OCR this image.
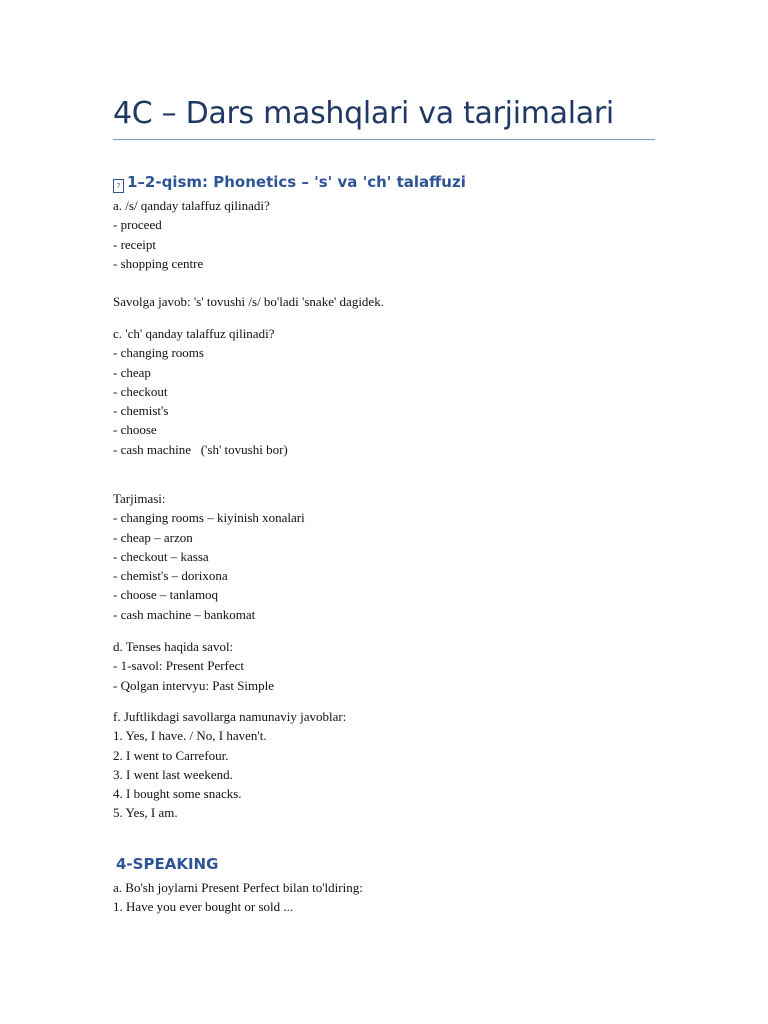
4C – Dars mashqlari va tarjimalari

? 1–2-qism: Phonetics – 's' va 'ch' talaffuzi

a. /s/ qanday talaffuz qilinadi?

- proceed

- receipt

- shopping centre

Savolga javob: 's' tovushi /s/ bo'ladi 'snake' dagidek.

c. 'ch' qanday talaffuz qilinadi?

- changing rooms

- cheap

- checkout

- chemist's

- choose

- cash machine   ('sh' tovushi bor)

Tarjimasi:

- changing rooms – kiyinish xonalari

- cheap – arzon

- checkout – kassa

- chemist's – dorixona

- choose – tanlamoq

- cash machine – bankomat

d. Tenses haqida savol:

- 1-savol: Present Perfect

- Qolgan intervyu: Past Simple

f. Juftlikdagi savollarga namunaviy javoblar:

1. Yes, I have. / No, I haven't.

2. I went to Carrefour.

3. I went last weekend.

4. I bought some snacks.

5. Yes, I am.

4-SPEAKING

a. Bo'sh joylarni Present Perfect bilan to'ldiring:

1. Have you ever bought or sold ...
